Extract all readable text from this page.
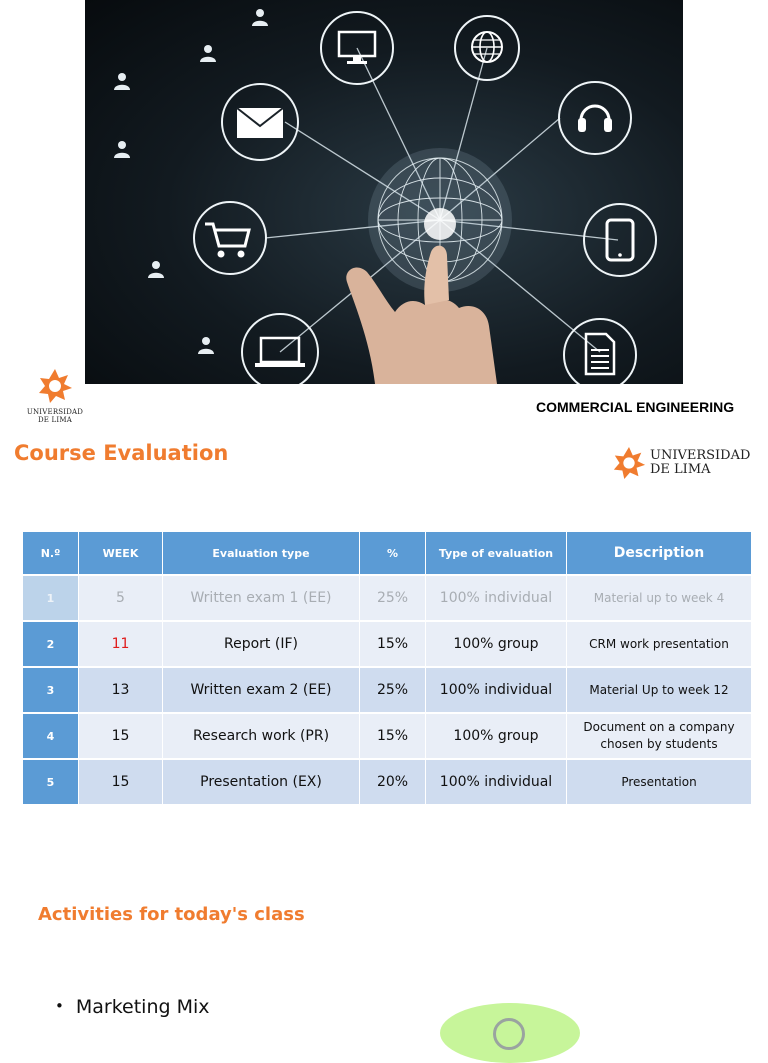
UNIVERSIDAD
DE LIMA
COMMERCIAL ENGINEERING
Course Evaluation	UNIVERSIDAD
DE LIMA
N.º	WEEK	Evaluation type	%	Type of evaluation	Description
1	5	Written exam 1 (EE)	25%	100% individual	Material up to week 4
2	11	Report (IF)	15%	100% group	CRM work presentation
3	13	Written exam 2 (EE)	25%	100% individual	Material Up to week 12
4	15	Research work (PR)	15%	100% group	Document on a company chosen by students
5	15	Presentation (EX)	20%	100% individual	Presentation
Activities for today's class
• Marketing Mix
